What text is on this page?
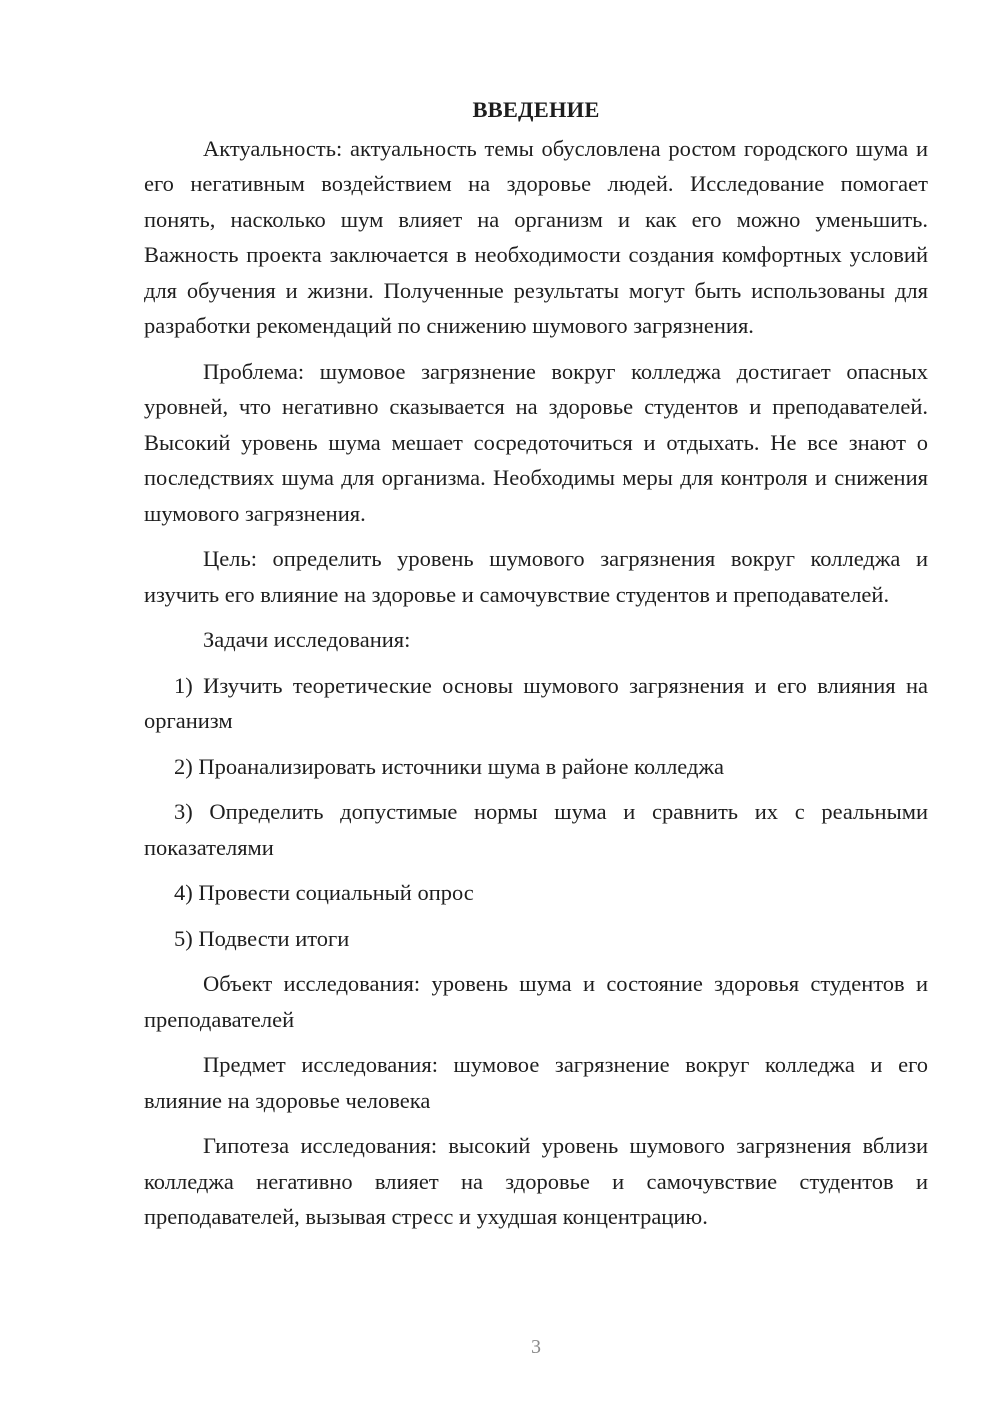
ВВЕДЕНИЕ

Актуальность: актуальность темы обусловлена ростом городского шума и его негативным воздействием на здоровье людей. Исследование помогает понять, насколько шум влияет на организм и как его можно уменьшить. Важность проекта заключается в необходимости создания комфортных условий для обучения и жизни. Полученные результаты могут быть использованы для разработки рекомендаций по снижению шумового загрязнения.

Проблема: шумовое загрязнение вокруг колледжа достигает опасных уровней, что негативно сказывается на здоровье студентов и преподавателей. Высокий уровень шума мешает сосредоточиться и отдыхать. Не все знают о последствиях шума для организма. Необходимы меры для контроля и снижения шумового загрязнения.

Цель: определить уровень шумового загрязнения вокруг колледжа и изучить его влияние на здоровье и самочувствие студентов и преподавателей.

Задачи исследования:

1) Изучить теоретические основы шумового загрязнения и его влияния на организм

2) Проанализировать источники шума в районе колледжа

3) Определить допустимые нормы шума и сравнить их с реальными показателями

4) Провести социальный опрос

5) Подвести итоги

Объект исследования: уровень шума и состояние здоровья студентов и преподавателей

Предмет исследования: шумовое загрязнение вокруг колледжа и его влияние на здоровье человека

Гипотеза исследования: высокий уровень шумового загрязнения вблизи колледжа негативно влияет на здоровье и самочувствие студентов и преподавателей, вызывая стресс и ухудшая концентрацию.

3
